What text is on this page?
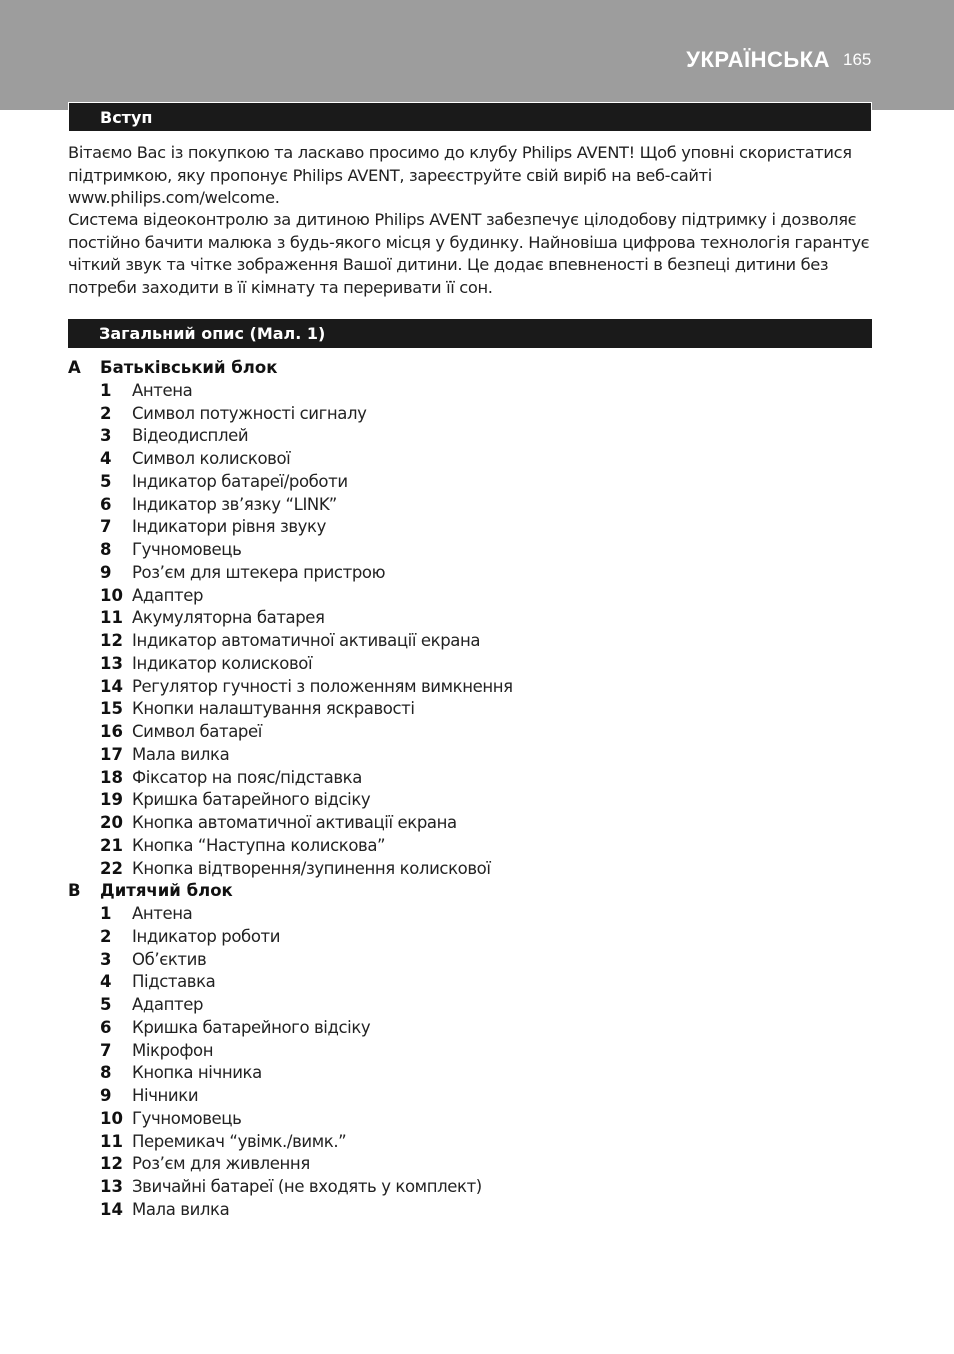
УКРАЇНСЬКА 165
Вступ

Вітаємо Вас із покупкою та ласкаво просимо до клубу Philips AVENT! Щоб уповні скористатися підтримкою, яку пропонує Philips AVENT, зареєструйте свій виріб на веб-сайті www.philips.com/welcome.

Система відеоконтролю за дитиною Philips AVENT забезпечує цілодобову підтримку і дозволяє постійно бачити малюка з будь-якого місця у будинку. Найновіша цифрова технологія гарантує чіткий звук та чітке зображення Вашої дитини. Це додає впевненості в безпеці дитини без потреби заходити в її кімнату та переривати її сон.

Загальний опис (Мал. 1)
A Батьківський блок
1 Антена
2 Символ потужності сигналу
3 Відеодисплей
4 Символ колискової
5 Індикатор батареї/роботи
6 Індикатор зв’язку “LINK”
7 Індикатори рівня звуку
8 Гучномовець
9 Роз’єм для штекера пристрою
10 Адаптер
11 Акумуляторна батарея
12 Індикатор автоматичної активації екрана
13 Індикатор колискової
14 Регулятор гучності з положенням вимкнення
15 Кнопки налаштування яскравості
16 Символ батареї
17 Мала вилка
18 Фіксатор на пояс/підставка
19 Кришка батарейного відсіку
20 Кнопка автоматичної активації екрана
21 Кнопка “Наступна колискова”
22 Кнопка відтворення/зупинення колискової
B Дитячий блок
1 Антена
2 Індикатор роботи
3 Об’єктив
4 Підставка
5 Адаптер
6 Кришка батарейного відсіку
7 Мікрофон
8 Кнопка нічника
9 Нічники
10 Гучномовець
11 Перемикач “увімк./вимк.”
12 Роз’єм для живлення
13 Звичайні батареї (не входять у комплект)
14 Мала вилка
